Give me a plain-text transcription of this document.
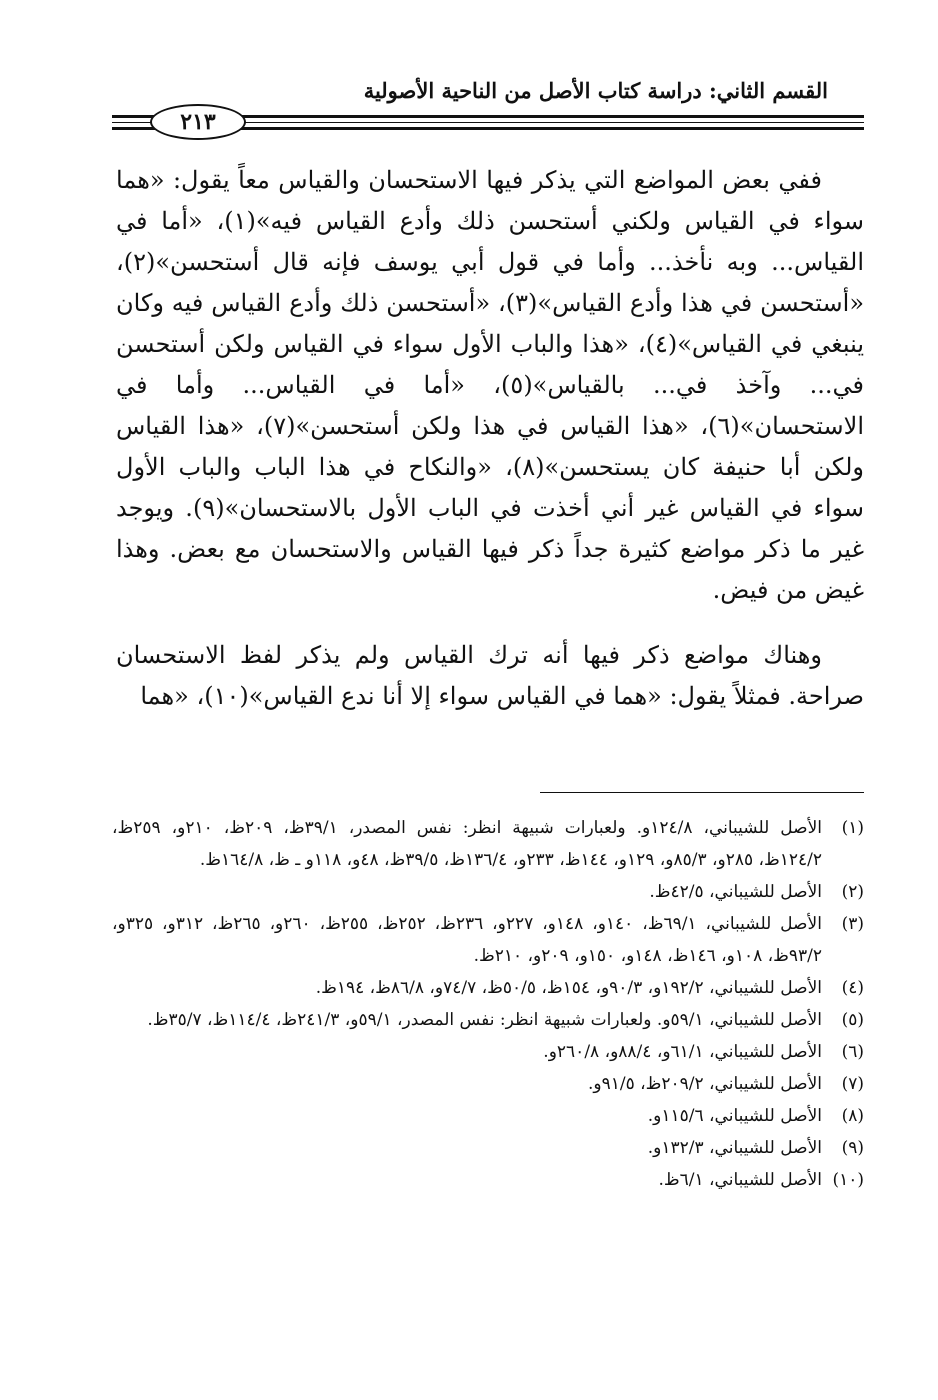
القسم الثاني: دراسة كتاب الأصل من الناحية الأصولية
٢١٣

ففي بعض المواضع التي يذكر فيها الاستحسان والقياس معاً يقول: «هما سواء في القياس ولكني أستحسن ذلك وأدع القياس فيه»(١)، «أما في القياس... وبه نأخذ... وأما في قول أبي يوسف فإنه قال أستحسن»(٢)، «أستحسن في هذا وأدع القياس»(٣)، «أستحسن ذلك وأدع القياس فيه وكان ينبغي في القياس»(٤)، «هذا والباب الأول سواء في القياس ولكن أستحسن في... وآخذ في... بالقياس»(٥)، «أما في القياس... وأما في الاستحسان»(٦)، «هذا القياس في هذا ولكن أستحسن»(٧)، «هذا القياس ولكن أبا حنيفة كان يستحسن»(٨)، «والنكاح في هذا الباب والباب الأول سواء في القياس غير أني أخذت في الباب الأول بالاستحسان»(٩). ويوجد غير ما ذكر مواضع كثيرة جداً ذكر فيها القياس والاستحسان مع بعض. وهذا غيض من فيض.

وهناك مواضع ذكر فيها أنه ترك القياس ولم يذكر لفظ الاستحسان صراحة. فمثلاً يقول: «هما في القياس سواء إلا أنا ندع القياس»(١٠)، «هما

(١)
الأصل للشيباني، ١٢٤/٨و. ولعبارات شبيهة انظر: نفس المصدر، ٣٩/١ظ، ٢٠٩ظ، ٢١٠و، ٢٥٩ظ، ١٢٤/٢ظ، ٢٨٥و، ٨٥/٣و، ١٢٩و، ١٤٤ظ، ٢٣٣و، ١٣٦/٤ظ، ٣٩/٥ظ، ٤٨و، ١١٨و ـ ظ، ١٦٤/٨ظ.
(٢)
الأصل للشيباني، ٤٢/٥ظ.
(٣)
الأصل للشيباني، ٦٩/١ظ، ١٤٠و، ١٤٨و، ٢٢٧و، ٢٣٦ظ، ٢٥٢ظ، ٢٥٥ظ، ٢٦٠و، ٢٦٥ظ، ٣١٢و، ٣٢٥و، ٩٣/٢ظ، ١٠٨و، ١٤٦ظ، ١٤٨و، ١٥٠و، ٢٠٩و، ٢١٠ظ.
(٤)
الأصل للشيباني، ١٩٢/٢و، ٩٠/٣و، ١٥٤ظ، ٥٠/٥ظ، ٧٤/٧و، ٨٦/٨ظ، ١٩٤ظ.
(٥)
الأصل للشيباني، ٥٩/١و. ولعبارات شبيهة انظر: نفس المصدر، ٥٩/١و، ٢٤١/٣ظ، ١١٤/٤ظ، ٣٥/٧ظ.
(٦)
الأصل للشيباني، ٦١/١و، ٨٨/٤و، ٢٦٠/٨و.
(٧)
الأصل للشيباني، ٢٠٩/٢ظ، ٩١/٥و.
(٨)
الأصل للشيباني، ١١٥/٦و.
(٩)
الأصل للشيباني، ١٣٢/٣و.
(١٠)
الأصل للشيباني، ٦/١ظ.
